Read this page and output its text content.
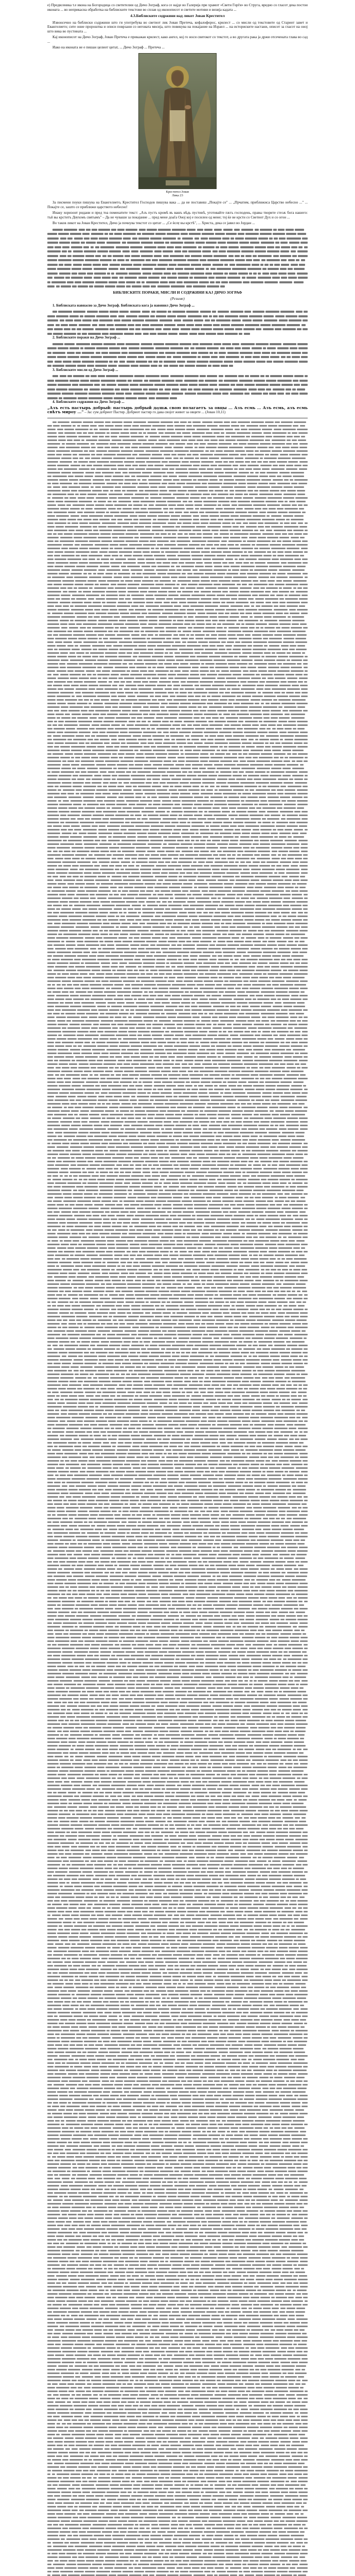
е) Предвсеника т.е икона на Богородица со светителии од Дичо Зограф, кога се најде во Галерија при храмот «Свети Горѓи» во Струга, вредно со гласот дека постои иконата ... во неприкасна обработка на библиските текстови во сплав од иконописот и светите мотиви и визија кадата ...

4.3.Библиските содржини над ликот Јован Крестител

Извонсечно на библиски содржини што ги употребува во светиот лик Јован Претеча, кефалофорос, крилест ... со мисли од текстовите од Стариот завет и Евангелието; сите оние пророштва и описи поврзани со неговата мисија, што повикува на покајание на Израел ... на историските настани, описот за гласот на оној што вика во пустината ...

Кај иконописот на Дичо Зограф, Јован Претеча е прикажан крилест, како ангел, кој го носи свитокот со текстот, а во другата рака ја држи отсечената глава во сад ...

Иако на иконата не е пишан целиот цитат, ... Дичо Зограф ... Претеча ...

Крестител Јован
Лика 23

За писмени поуки пишува на Евангелието, Крестител Господов пишува вака ... да не поставиш „Покајте се" ... „Прчатим, приближиса Царство небесно ..." ... Покајте се, зашто се приближи царството небесно!

Инаку хоризонт ридани и пред тоа поменатите текст: „Азъ пустъ кромѣ въ вашъ вѣдь пустинѣ, уготовайте пѫть господень, правы творите стезѫ бога нашего: тъй вы крститъ Дѹхомъ святымъ" – Да не чуваши за покајание ... пред мене доаѓа Оној кој е посилен од мене; тој ќе ве крсти со Светиот Дух и со огон ...

Во таков ликот на Јован Крестител, Дичо ја почнува текстот со цитат ... „Се ѝсѹ вы крстѣ", ... Христа, дека се јавил во Јордан ...

БИБЛИСКИТЕ ПОРАКИ, МИСЛИ И СОДРЖИНИ КАЈ ДИЧО ЗОГРАФ
(Резиме)

1. Библиската навнасно за Дичо Зограф. Библиската кога ја навинил Дичо Зограф ...

2. Библиските пораки на Дичо Зограф ...

3. Библиските мисли од Дичо Зограф ...

4. Библиските содржини на Дичо Зограф ...

„Азъ есть пастырь добрый: пастырь добрый дѹшѫ свою полагаетъ за овцы ... Азъ есмь ... Азъ есмь, азъ есмь свѣтъ мироу ..." – Јас сум добриот Пастир. Добриот пастир го дава својот живот за овците ... (Јован 10,11)
